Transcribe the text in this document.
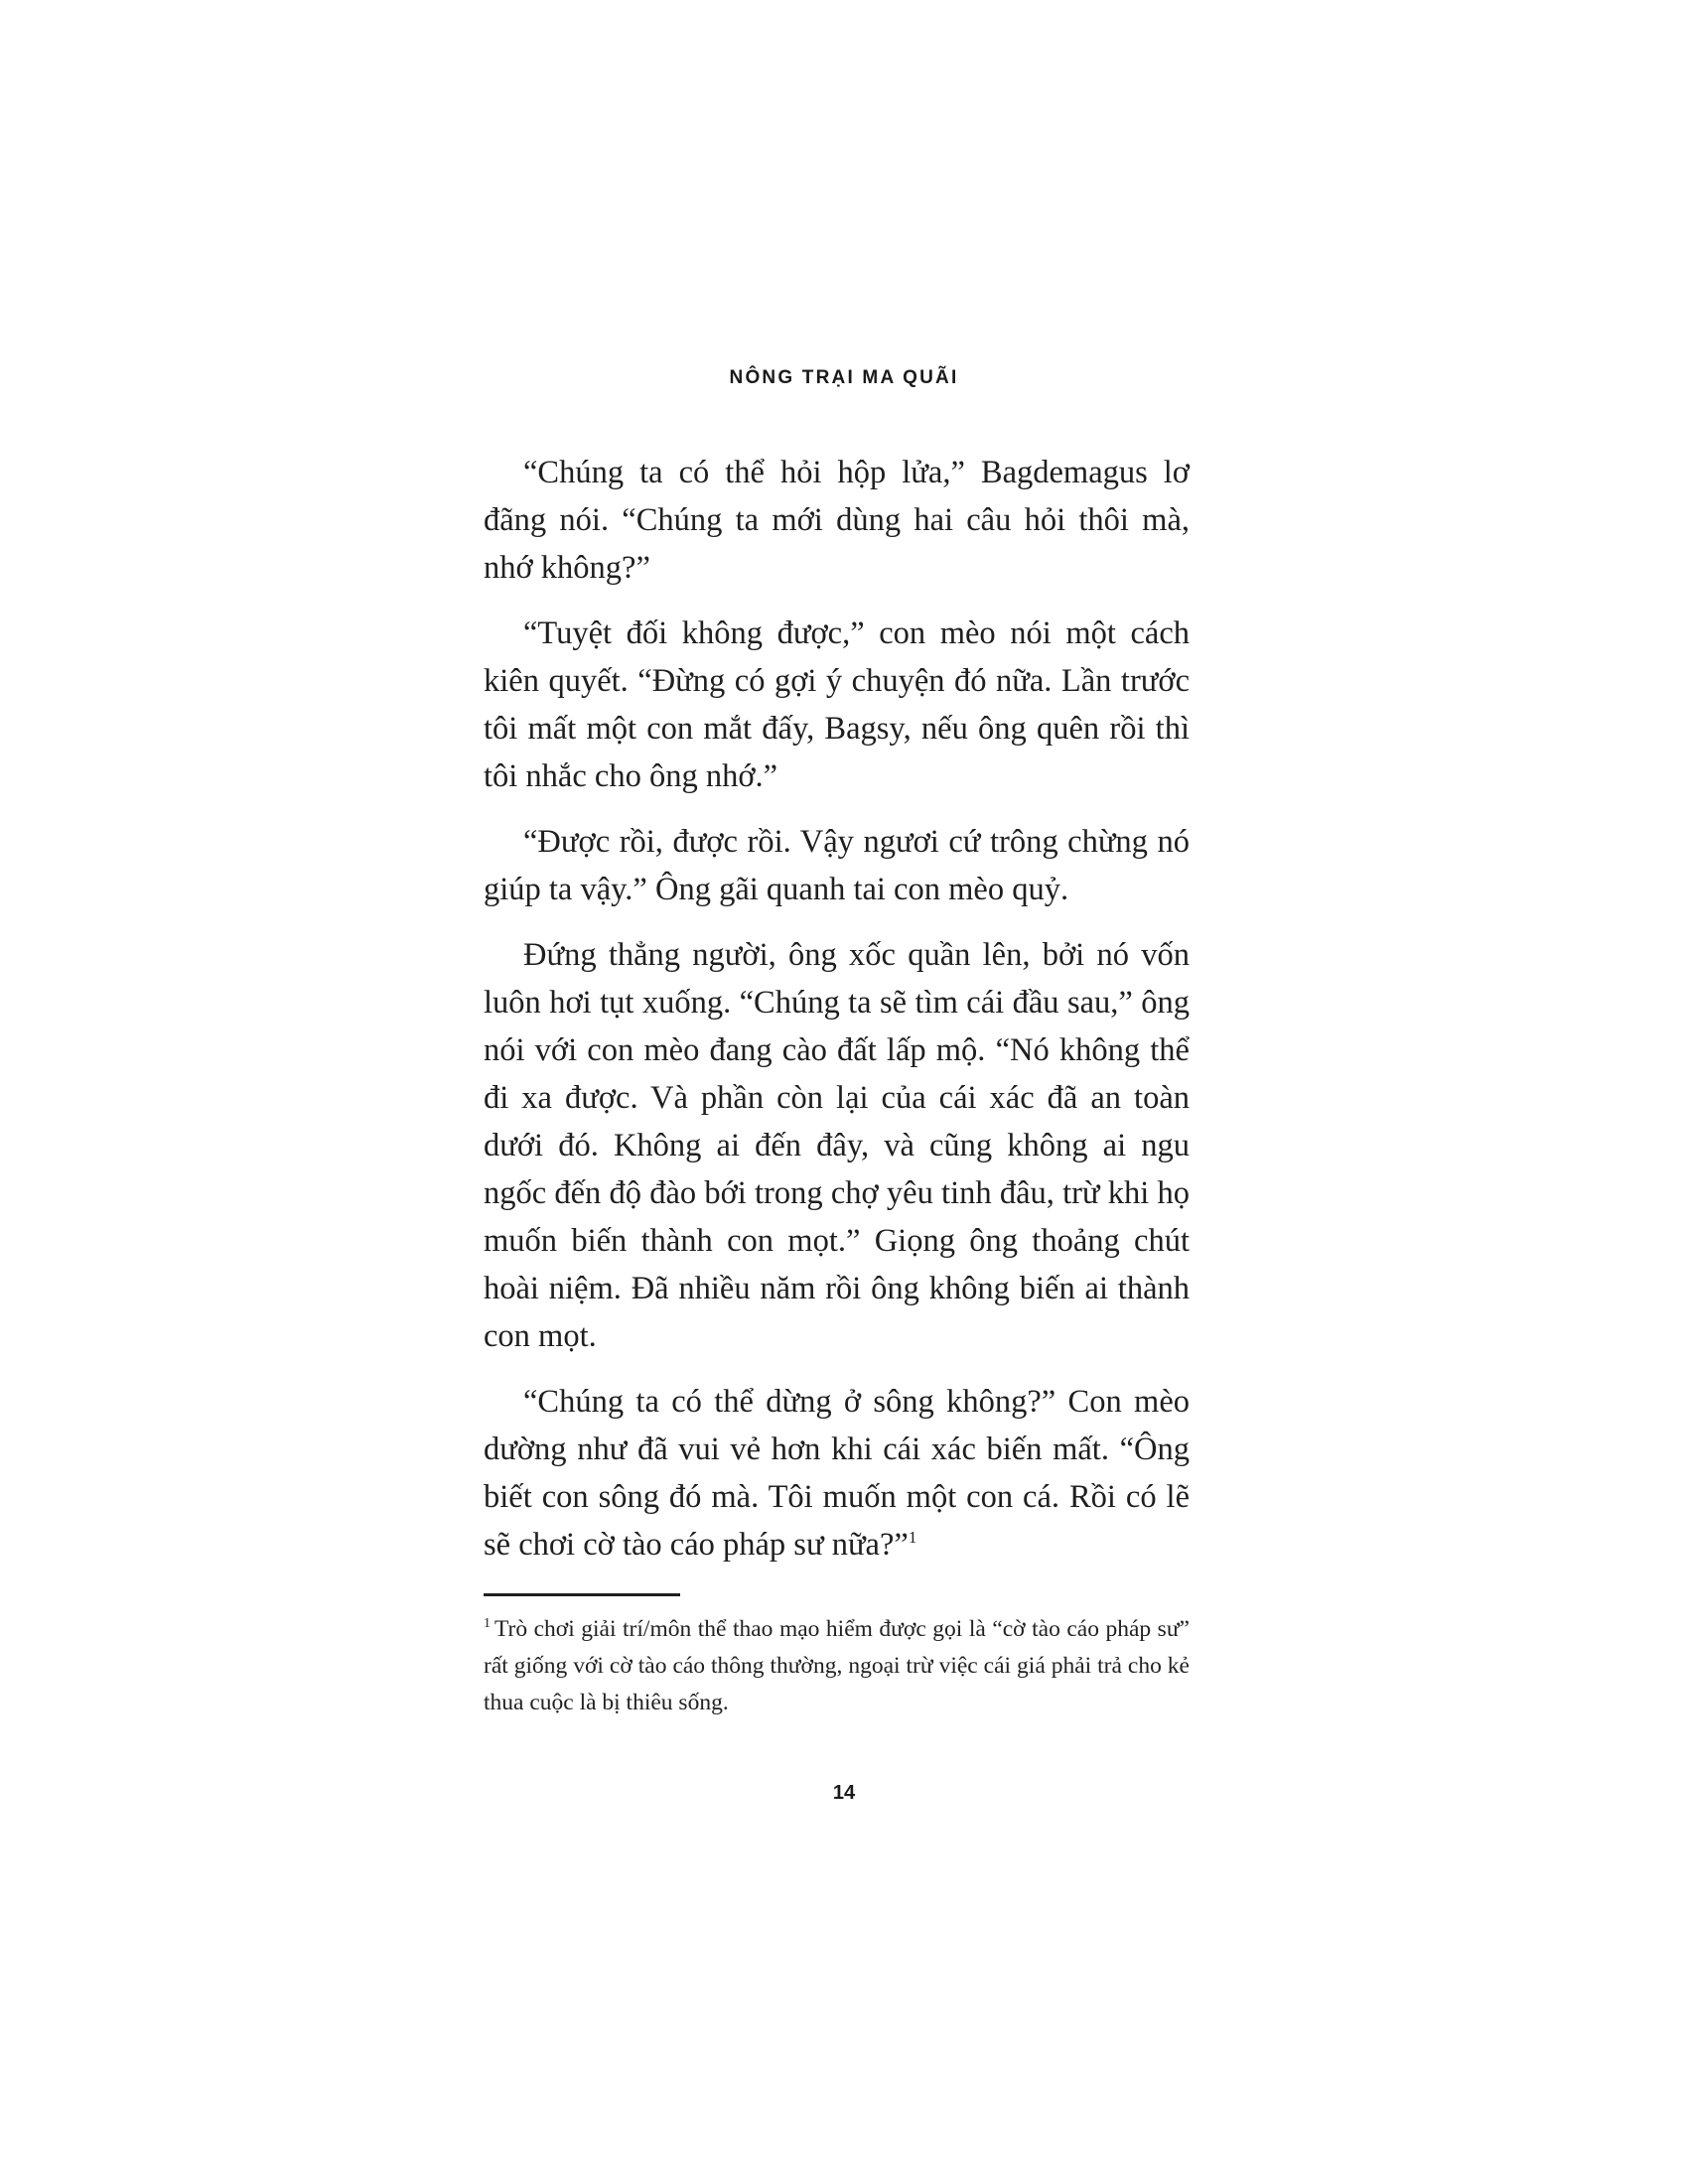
NÔNG TRẠI MA QUÃI

“Chúng ta có thể hỏi hộp lửa,” Bagdemagus lơ đãng nói. “Chúng ta mới dùng hai câu hỏi thôi mà, nhớ không?”

“Tuyệt đối không được,” con mèo nói một cách kiên quyết. “Đừng có gợi ý chuyện đó nữa. Lần trước tôi mất một con mắt đấy, Bagsy, nếu ông quên rồi thì tôi nhắc cho ông nhớ.”

“Được rồi, được rồi. Vậy ngươi cứ trông chừng nó giúp ta vậy.” Ông gãi quanh tai con mèo quỷ.

Đứng thẳng người, ông xốc quần lên, bởi nó vốn luôn hơi tụt xuống. “Chúng ta sẽ tìm cái đầu sau,” ông nói với con mèo đang cào đất lấp mộ. “Nó không thể đi xa được. Và phần còn lại của cái xác đã an toàn dưới đó. Không ai đến đây, và cũng không ai ngu ngốc đến độ đào bới trong chợ yêu tinh đâu, trừ khi họ muốn biến thành con mọt.” Giọng ông thoảng chút hoài niệm. Đã nhiều năm rồi ông không biến ai thành con mọt.

“Chúng ta có thể dừng ở sông không?” Con mèo dường như đã vui vẻ hơn khi cái xác biến mất. “Ông biết con sông đó mà. Tôi muốn một con cá. Rồi có lẽ sẽ chơi cờ tào cáo pháp sư nữa?”$^1$

$^1$ Trò chơi giải trí/môn thể thao mạo hiểm được gọi là “cờ tào cáo pháp sư” rất giống với cờ tào cáo thông thường, ngoại trừ việc cái giá phải trả cho kẻ thua cuộc là bị thiêu sống.

14
